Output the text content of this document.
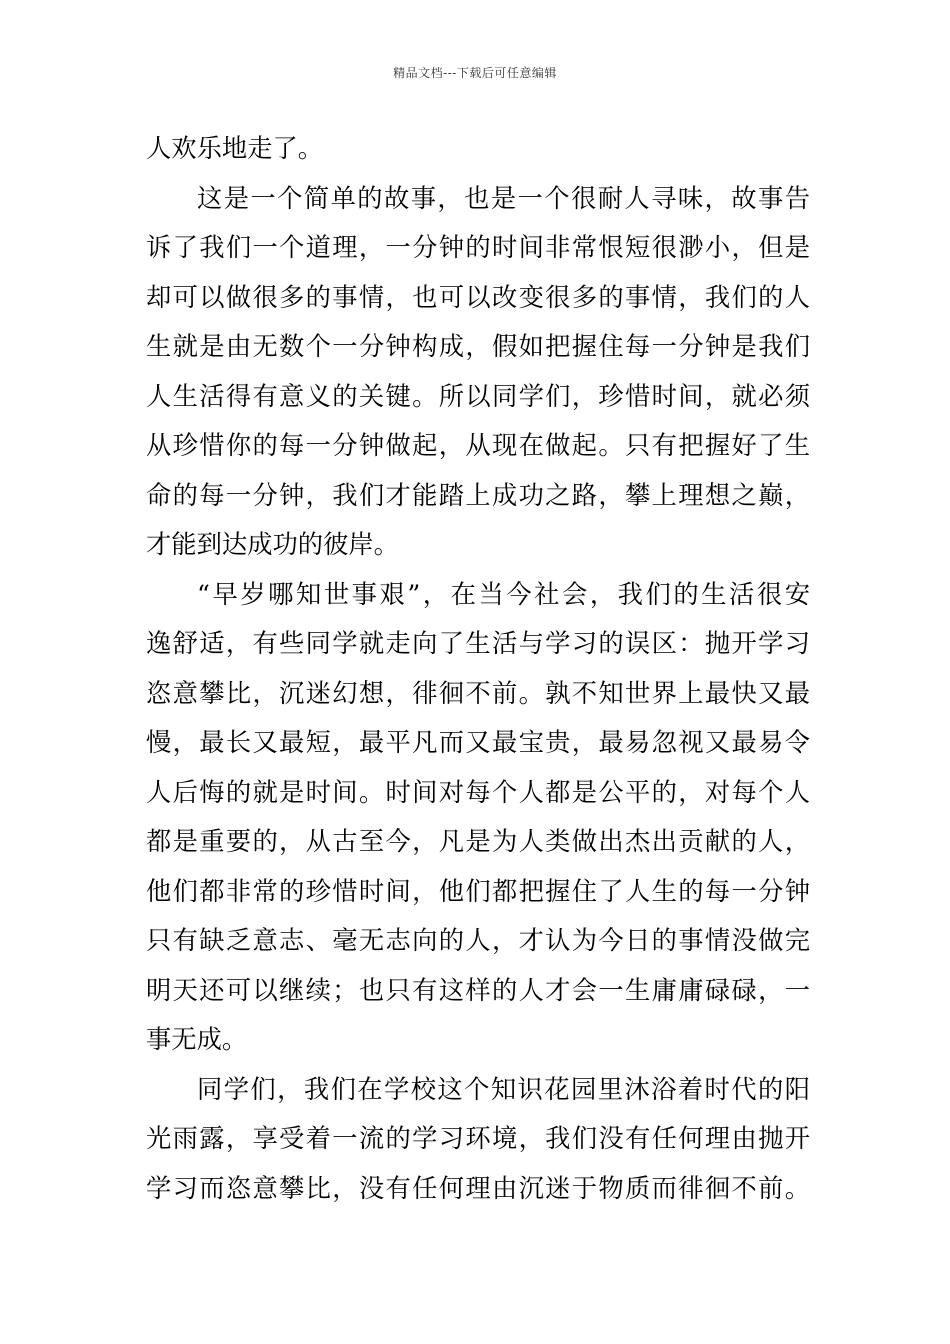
精品文档---下载后可任意编辑
人欢乐地走了。
这是一个简单的故事，也是一个很耐人寻味，故事告
诉了我们一个道理，一分钟的时间非常恨短很渺小，但是
却可以做很多的事情，也可以改变很多的事情，我们的人
生就是由无数个一分钟构成，假如把握住每一分钟是我们
人生活得有意义的关键。所以同学们，珍惜时间，就必须
从珍惜你的每一分钟做起，从现在做起。只有把握好了生
命的每一分钟，我们才能踏上成功之路，攀上理想之巅，
才能到达成功的彼岸。
“早岁哪知世事艰”，在当今社会，我们的生活很安
逸舒适，有些同学就走向了生活与学习的误区：抛开学习
恣意攀比，沉迷幻想，徘徊不前。孰不知世界上最快又最
慢，最长又最短，最平凡而又最宝贵，最易忽视又最易令
人后悔的就是时间。时间对每个人都是公平的，对每个人
都是重要的，从古至今，凡是为人类做出杰出贡献的人，
他们都非常的珍惜时间，他们都把握住了人生的每一分钟
只有缺乏意志、毫无志向的人，才认为今日的事情没做完
明天还可以继续；也只有这样的人才会一生庸庸碌碌，一
事无成。
同学们，我们在学校这个知识花园里沐浴着时代的阳
光雨露，享受着一流的学习环境，我们没有任何理由抛开
学习而恣意攀比，没有任何理由沉迷于物质而徘徊不前。
